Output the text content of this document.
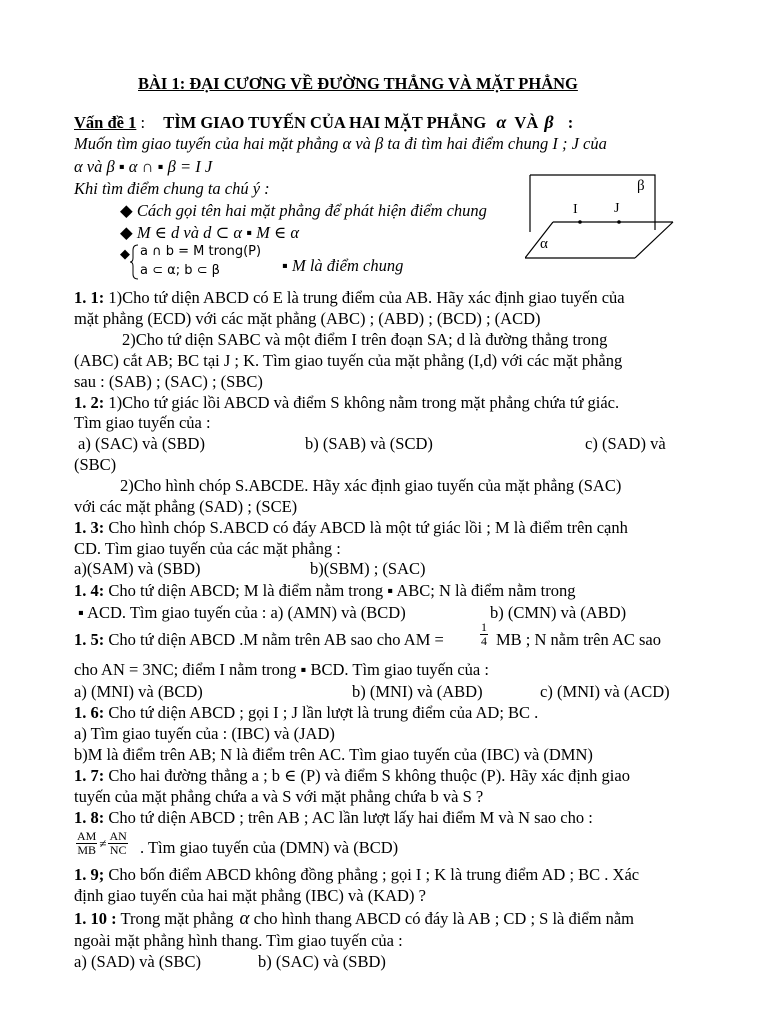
BÀI 1: ĐẠI CƯƠNG VỀ ĐƯỜNG THẲNG VÀ MẶT PHẲNG
Vấn đề 1 : TÌM GIAO TUYẾN CỦA HAI MẶT PHẲNG α VÀ β :
Muốn tìm giao tuyến của hai mặt phẳng α và β ta đi tìm hai điểm chung I ; J của
α và β ▪ α ∩ ▪ β = I J
Khi tìm điểm chung ta chú ý :
◆ Cách gọi tên hai mặt phẳng để phát hiện điểm chung
◆ M ∈ d và d ⊂ α ▪ M ∈ α
◆ a ∩ b = M trong(P)
a ⊂ α; b ⊂ β	▪ M là điểm chung
β
I	J
α
1. 1: 1)Cho tứ diện ABCD có E là trung điểm của AB. Hãy xác định giao tuyến của
mặt phẳng (ECD) với các mặt phẳng (ABC) ; (ABD) ; (BCD) ; (ACD)
2)Cho tứ diện SABC và một điểm I trên đoạn SA; d là đường thẳng trong
(ABC) cắt AB; BC tại J ; K. Tìm giao tuyến của mặt phẳng (I,d) với các mặt phẳng
sau : (SAB) ; (SAC) ; (SBC)
1. 2: 1)Cho tứ giác lồi ABCD và điểm S không nằm trong mặt phẳng chứa tứ giác.
Tìm giao tuyến của :
a) (SAC) và (SBD)	b) (SAB) và (SCD)	c) (SAD) và
(SBC)
2)Cho hình chóp S.ABCDE. Hãy xác định giao tuyến của mặt phẳng (SAC)
với các mặt phẳng (SAD) ; (SCE)
1. 3: Cho hình chóp S.ABCD có đáy ABCD là một tứ giác lồi ; M là điểm trên cạnh
CD. Tìm giao tuyến của các mặt phẳng :
a)(SAM) và (SBD)	b)(SBM) ; (SAC)
1. 4: Cho tứ diện ABCD; M là điểm nằm trong ▪ ABC; N là điểm nằm trong
▪ ACD. Tìm giao tuyến của : a) (AMN) và (BCD)	b) (CMN) và (ABD)
1. 5: Cho tứ diện ABCD .M nằm trên AB sao cho AM =	$\frac{1}{4}$ MB ; N nằm trên AC sao
cho AN = 3NC; điểm I nằm trong ▪ BCD. Tìm giao tuyến của :
a) (MNI) và (BCD)	b) (MNI) và (ABD)	c) (MNI) và (ACD)
1. 6: Cho tứ diện ABCD ; gọi I ; J lần lượt là trung điểm của AD; BC .
a) Tìm giao tuyến của : (IBC) và (JAD)
b)M là điểm trên AB; N là điểm trên AC. Tìm giao tuyến của (IBC) và (DMN)
1. 7: Cho hai đường thẳng a ; b ∈ (P) và điểm S không thuộc (P). Hãy xác định giao
tuyến của mặt phẳng chứa a và S với mặt phẳng chứa b và S ?
1. 8: Cho tứ diện ABCD ; trên AB ; AC lần lượt lấy hai điểm M và N sao cho :
$\frac{AM}{MB} \ne \frac{AN}{NC}$ . Tìm giao tuyến của (DMN) và (BCD)
1. 9; Cho bốn điểm ABCD không đồng phẳng ; gọi I ; K là trung điểm AD ; BC . Xác
định giao tuyến của hai mặt phẳng (IBC) và (KAD) ?
1. 10 : Trong mặt phẳng α cho hình thang ABCD có đáy là AB ; CD ; S là điểm nằm
ngoài mặt phẳng hình thang. Tìm giao tuyến của :
a) (SAD) và (SBC)	b) (SAC) và (SBD)
